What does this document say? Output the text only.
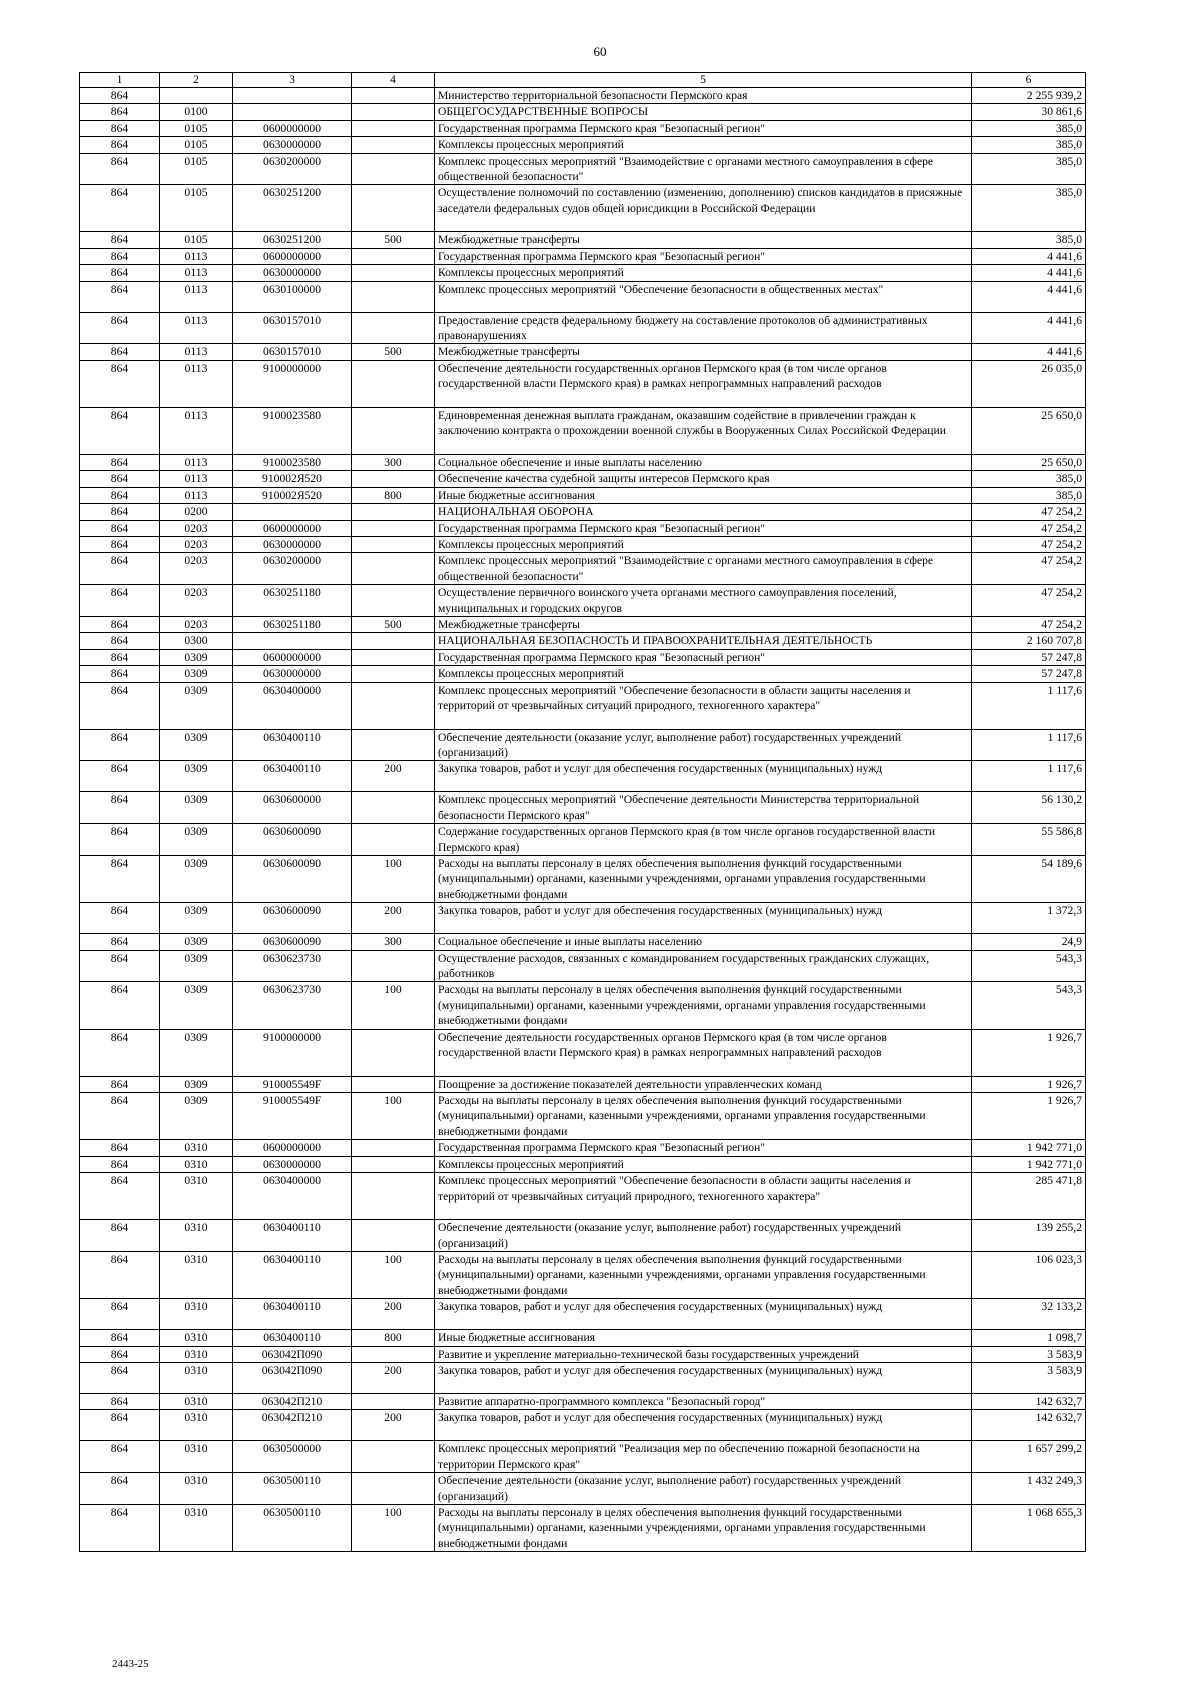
60
1	2	3	4	5	6
864				Министерство территориальной безопасности Пермского края	2 255 939,2
864	0100			ОБЩЕГОСУДАРСТВЕННЫЕ ВОПРОСЫ	30 861,6
864	0105	0600000000		Государственная программа Пермского края "Безопасный регион"	385,0
864	0105	0630000000		Комплексы процессных мероприятий	385,0
864	0105	0630200000		Комплекс процессных мероприятий "Взаимодействие с органами местного самоуправления в сфере общественной безопасности"	385,0
864	0105	0630251200		Осуществление полномочий по составлению (изменению, дополнению) списков кандидатов в присяжные заседатели федеральных судов общей юрисдикции в Российской Федерации	385,0
864	0105	0630251200	500	Межбюджетные трансферты	385,0
864	0113	0600000000		Государственная программа Пермского края "Безопасный регион"	4 441,6
864	0113	0630000000		Комплексы процессных мероприятий	4 441,6
864	0113	0630100000		Комплекс процессных мероприятий "Обеспечение безопасности в общественных местах"	4 441,6
864	0113	0630157010		Предоставление средств федеральному бюджету на составление протоколов об административных правонарушениях	4 441,6
864	0113	0630157010	500	Межбюджетные трансферты	4 441,6
864	0113	9100000000		Обеспечение деятельности государственных органов Пермского края (в том числе органов государственной власти Пермского края) в рамках непрограммных направлений расходов	26 035,0
864	0113	9100023580		Единовременная денежная выплата гражданам, оказавшим содействие в привлечении граждан к заключению контракта о прохождении военной службы в Вооруженных Силах Российской Федерации	25 650,0
864	0113	9100023580	300	Социальное обеспечение и иные выплаты населению	25 650,0
864	0113	910002Я520		Обеспечение качества судебной защиты интересов Пермского края	385,0
864	0113	910002Я520	800	Иные бюджетные ассигнования	385,0
864	0200			НАЦИОНАЛЬНАЯ ОБОРОНА	47 254,2
864	0203	0600000000		Государственная программа Пермского края "Безопасный регион"	47 254,2
864	0203	0630000000		Комплексы процессных мероприятий	47 254,2
864	0203	0630200000		Комплекс процессных мероприятий "Взаимодействие с органами местного самоуправления в сфере общественной безопасности"	47 254,2
864	0203	0630251180		Осуществление первичного воинского учета органами местного самоуправления поселений, муниципальных и городских округов	47 254,2
864	0203	0630251180	500	Межбюджетные трансферты	47 254,2
864	0300			НАЦИОНАЛЬНАЯ БЕЗОПАСНОСТЬ И ПРАВООХРАНИТЕЛЬНАЯ ДЕЯТЕЛЬНОСТЬ	2 160 707,8
864	0309	0600000000		Государственная программа Пермского края "Безопасный регион"	57 247,8
864	0309	0630000000		Комплексы процессных мероприятий	57 247,8
864	0309	0630400000		Комплекс процессных мероприятий "Обеспечение безопасности в области защиты населения и территорий от чрезвычайных ситуаций природного, техногенного характера"	1 117,6
864	0309	0630400110		Обеспечение деятельности (оказание услуг, выполнение работ) государственных учреждений (организаций)	1 117,6
864	0309	0630400110	200	Закупка товаров, работ и услуг для обеспечения государственных (муниципальных) нужд	1 117,6
864	0309	0630600000		Комплекс процессных мероприятий "Обеспечение деятельности Министерства территориальной безопасности Пермского края"	56 130,2
864	0309	0630600090		Содержание государственных органов Пермского края (в том числе органов государственной власти Пермского края)	55 586,8
864	0309	0630600090	100	Расходы на выплаты персоналу в целях обеспечения выполнения функций государственными (муниципальными) органами, казенными учреждениями, органами управления государственными внебюджетными фондами	54 189,6
864	0309	0630600090	200	Закупка товаров, работ и услуг для обеспечения государственных (муниципальных) нужд	1 372,3
864	0309	0630600090	300	Социальное обеспечение и иные выплаты населению	24,9
864	0309	0630623730		Осуществление расходов, связанных с командированием государственных гражданских служащих, работников	543,3
864	0309	0630623730	100	Расходы на выплаты персоналу в целях обеспечения выполнения функций государственными (муниципальными) органами, казенными учреждениями, органами управления государственными внебюджетными фондами	543,3
864	0309	9100000000		Обеспечение деятельности государственных органов Пермского края (в том числе органов государственной власти Пермского края) в рамках непрограммных направлений расходов	1 926,7
864	0309	910005549F		Поощрение за достижение показателей деятельности управленческих команд	1 926,7
864	0309	910005549F	100	Расходы на выплаты персоналу в целях обеспечения выполнения функций государственными (муниципальными) органами, казенными учреждениями, органами управления государственными внебюджетными фондами	1 926,7
864	0310	0600000000		Государственная программа Пермского края "Безопасный регион"	1 942 771,0
864	0310	0630000000		Комплексы процессных мероприятий	1 942 771,0
864	0310	0630400000		Комплекс процессных мероприятий "Обеспечение безопасности в области защиты населения и территорий от чрезвычайных ситуаций природного, техногенного характера"	285 471,8
864	0310	0630400110		Обеспечение деятельности (оказание услуг, выполнение работ) государственных учреждений (организаций)	139 255,2
864	0310	0630400110	100	Расходы на выплаты персоналу в целях обеспечения выполнения функций государственными (муниципальными) органами, казенными учреждениями, органами управления государственными внебюджетными фондами	106 023,3
864	0310	0630400110	200	Закупка товаров, работ и услуг для обеспечения государственных (муниципальных) нужд	32 133,2
864	0310	0630400110	800	Иные бюджетные ассигнования	1 098,7
864	0310	063042П090		Развитие и укрепление материально-технической базы государственных учреждений	3 583,9
864	0310	063042П090	200	Закупка товаров, работ и услуг для обеспечения государственных (муниципальных) нужд	3 583,9
864	0310	063042П210		Развитие аппаратно-программного комплекса "Безопасный город"	142 632,7
864	0310	063042П210	200	Закупка товаров, работ и услуг для обеспечения государственных (муниципальных) нужд	142 632,7
864	0310	0630500000		Комплекс процессных мероприятий "Реализация мер по обеспечению пожарной безопасности на территории Пермского края"	1 657 299,2
864	0310	0630500110		Обеспечение деятельности (оказание услуг, выполнение работ) государственных учреждений (организаций)	1 432 249,3
864	0310	0630500110	100	Расходы на выплаты персоналу в целях обеспечения выполнения функций государственными (муниципальными) органами, казенными учреждениями, органами управления государственными внебюджетными фондами	1 068 655,3
2443-25
